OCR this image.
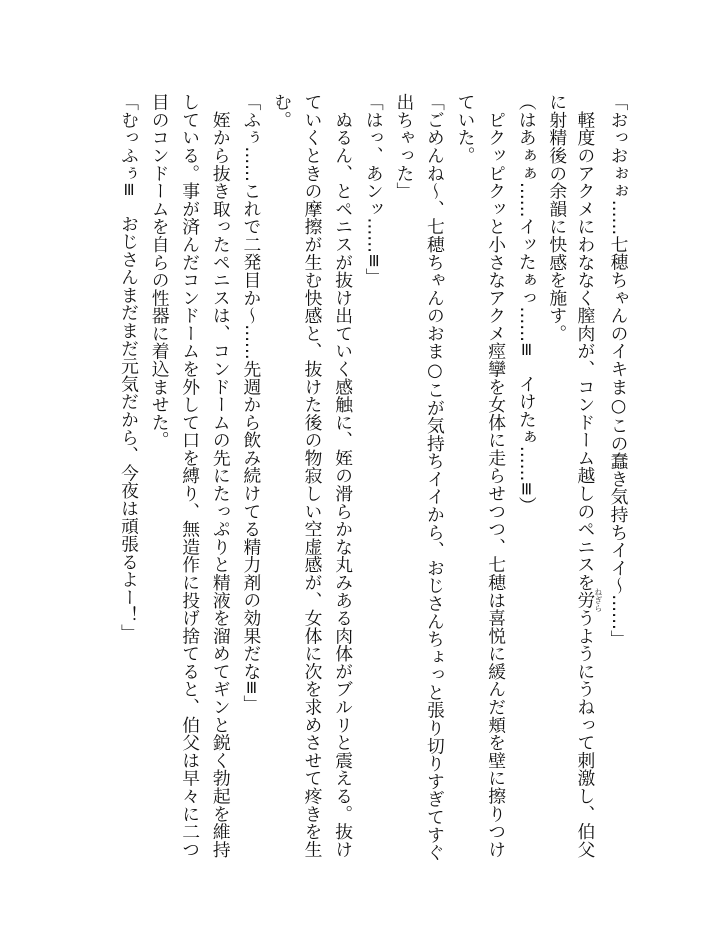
「おっおぉぉ……七穂ちゃんのイキま○この蠢き気持ちイイ～……」

　軽度のアクメにわななく膣肉が、コンドーム越しのペニスを労ねぎらうようにうねって刺激し、伯父

に射精後の余韻に快感を施す。

（はあぁぁ……イッたぁっ……≡　イけたぁ……≡）

　ピクッピクッと小さなアクメ痙攣を女体に走らせつつ、七穂は喜悦に緩んだ頬を壁に擦りつけ

ていた。

「ごめんね～、七穂ちゃんのおま○こが気持ちイイから、おじさんちょっと張り切りすぎてすぐ

出ちゃった」

「はっ、あンッ……≡」

　ぬるん、とペニスが抜け出ていく感触に、姪の滑らかな丸みある肉体がブルリと震える。抜け

ていくときの摩擦が生む快感と、抜けた後の物寂しい空虚感が、女体に次を求めさせて疼きを生

む。

「ふぅ……これで二発目か～……先週から飲み続けてる精力剤の効果だな≡」

　姪から抜き取ったペニスは、コンドームの先にたっぷりと精液を溜めてギンと鋭く勃起を維持

している。事が済んだコンドームを外して口を縛り、無造作に投げ捨てると、伯父は早々に二つ

目のコンドームを自らの性器に着込ませた。

「むっふぅ≡　おじさんまだまだ元気だから、今夜は頑張るよー！」
